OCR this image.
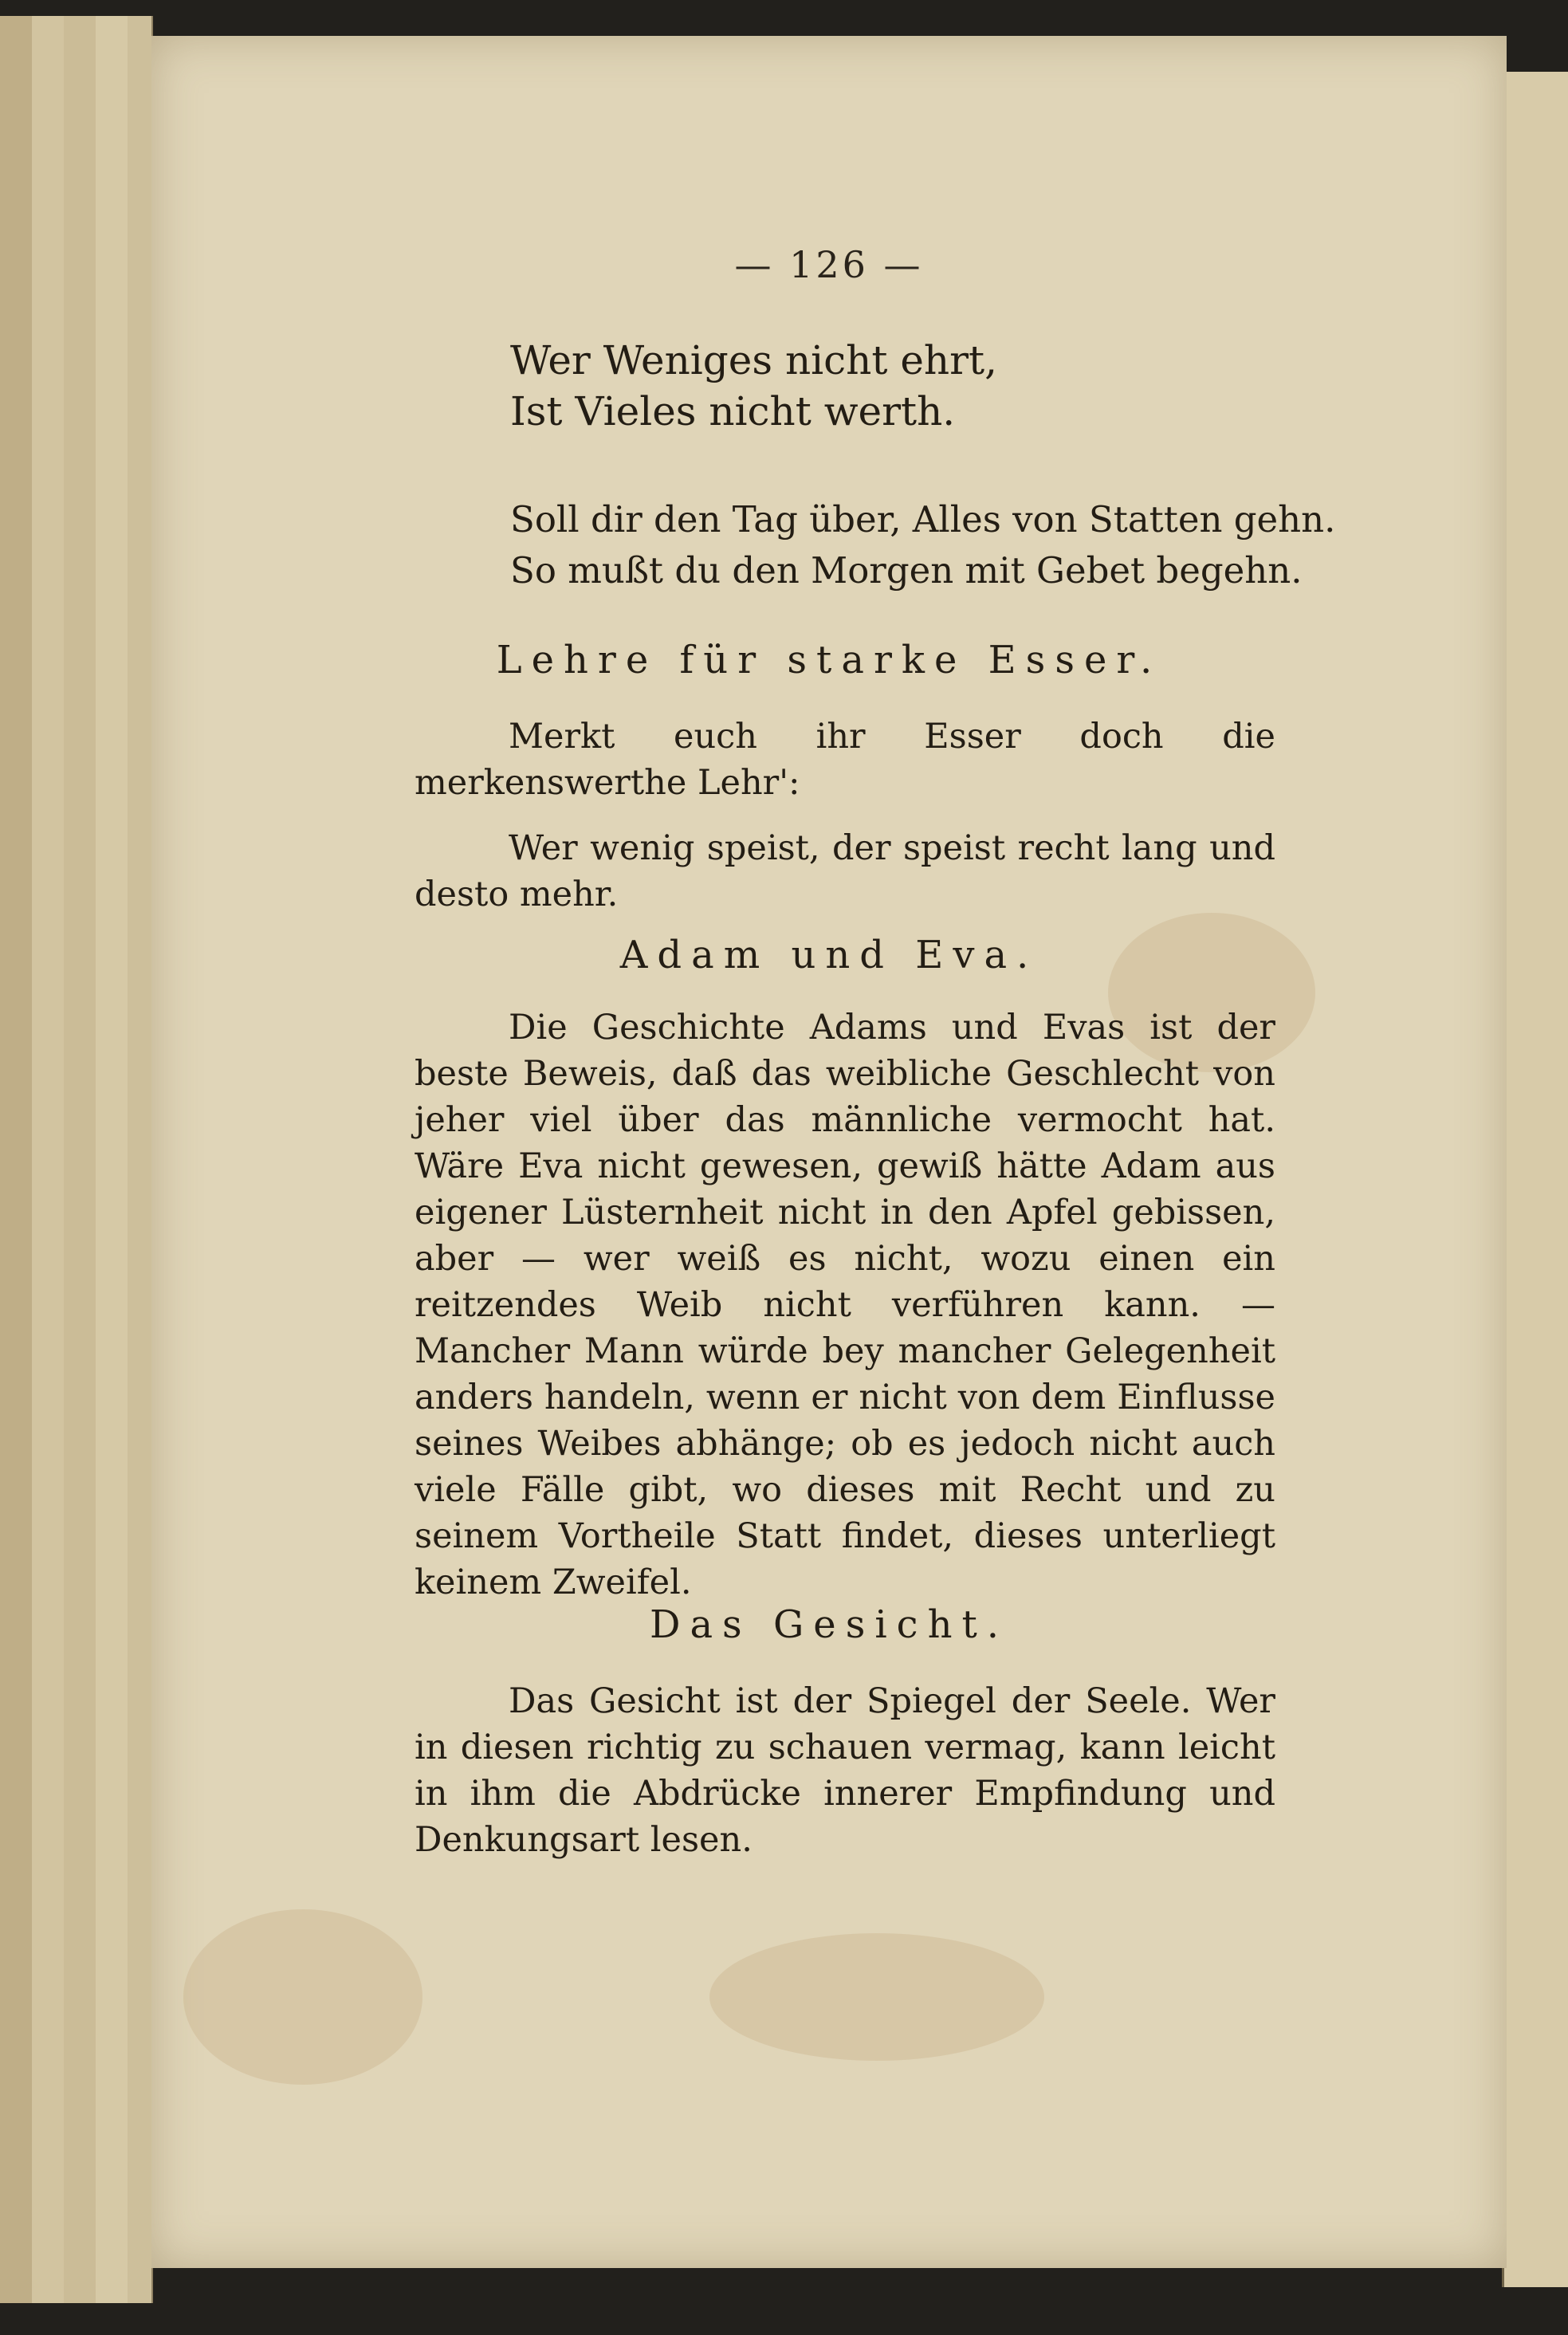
— 126 —
Wer Weniges nicht ehrt,
Ist Vieles nicht werth.
Soll dir den Tag über, Alles von Statten gehn.
So mußt du den Morgen mit Gebet begehn.
Lehre für starke Esser.
Merkt euch ihr Esser doch die merkenswerthe Lehr':
Wer wenig speist, der speist recht lang und desto mehr.
Adam und Eva.
Die Geschichte Adams und Evas ist der beste Beweis, daß das weibliche Geschlecht von jeher viel über das männliche vermocht hat. Wäre Eva nicht gewesen, gewiß hätte Adam aus eigener Lüsternheit nicht in den Apfel gebissen, aber — wer weiß es nicht, wozu einen ein reitzendes Weib nicht verführen kann. — Mancher Mann würde bey mancher Gelegenheit anders handeln, wenn er nicht von dem Einflusse seines Weibes abhänge; ob es jedoch nicht auch viele Fälle gibt, wo dieses mit Recht und zu seinem Vortheile Statt findet, dieses unterliegt keinem Zweifel.
Das Gesicht.
Das Gesicht ist der Spiegel der Seele. Wer in diesen richtig zu schauen vermag, kann leicht in ihm die Abdrücke innerer Empfindung und Denkungsart lesen.
